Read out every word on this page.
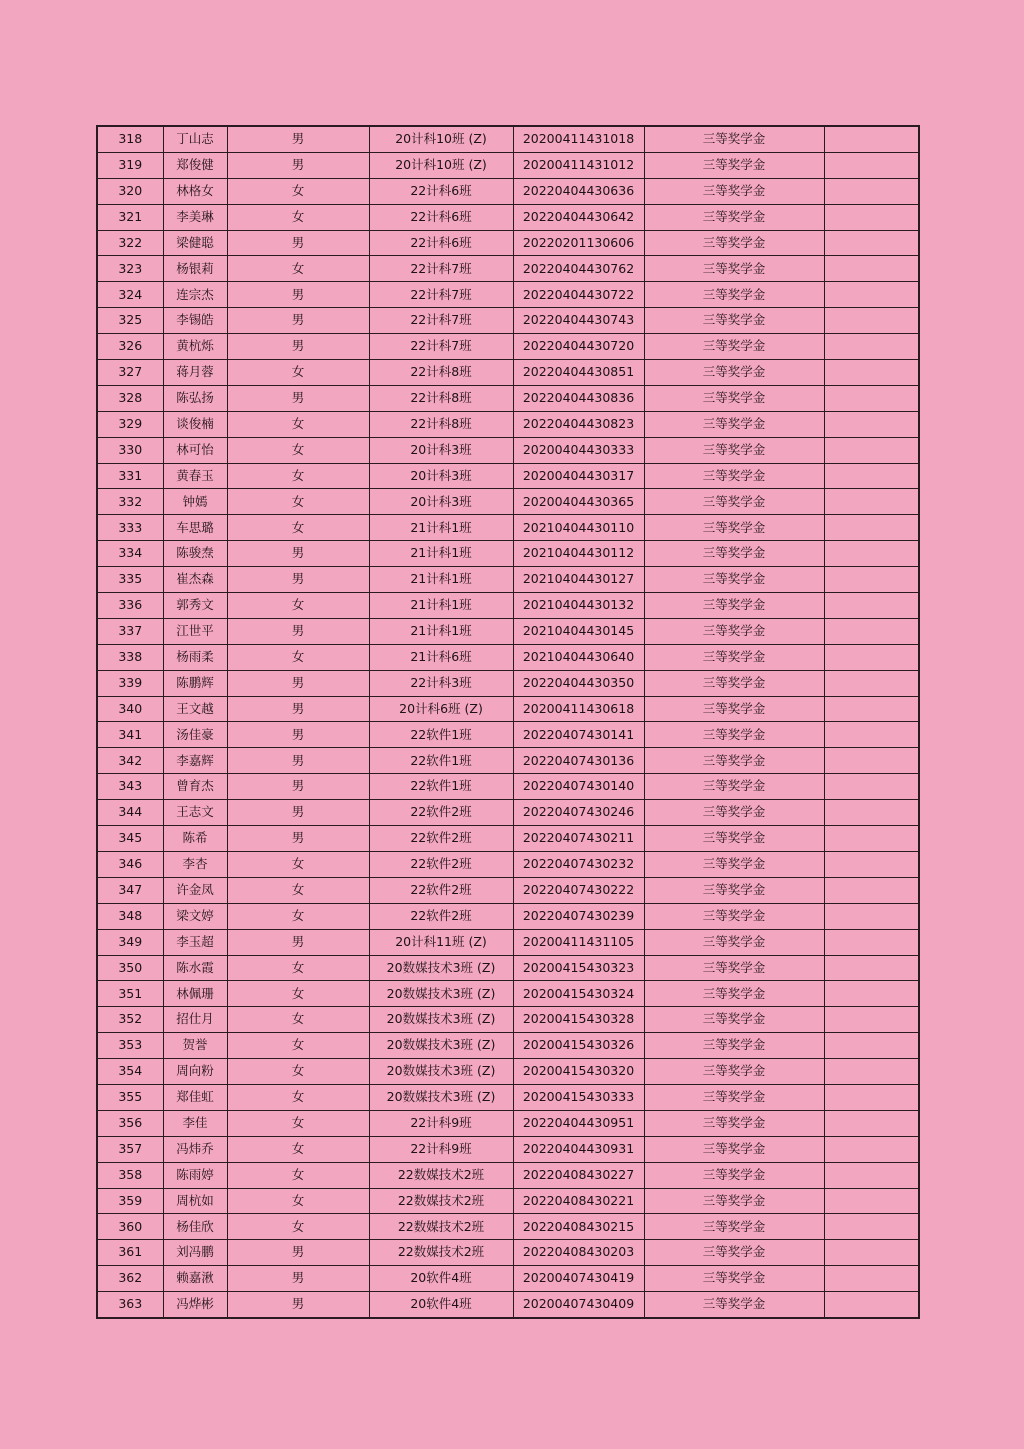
318	丁山志	男	20计科10班 (Z)	20200411431018	三等奖学金	
319	郑俊健	男	20计科10班 (Z)	20200411431012	三等奖学金	
320	林格女	女	22计科6班	20220404430636	三等奖学金	
321	李美琳	女	22计科6班	20220404430642	三等奖学金	
322	梁健聪	男	22计科6班	20220201130606	三等奖学金	
323	杨银莉	女	22计科7班	20220404430762	三等奖学金	
324	连宗杰	男	22计科7班	20220404430722	三等奖学金	
325	李锡皓	男	22计科7班	20220404430743	三等奖学金	
326	黄杭烁	男	22计科7班	20220404430720	三等奖学金	
327	蒋月蓉	女	22计科8班	20220404430851	三等奖学金	
328	陈弘扬	男	22计科8班	20220404430836	三等奖学金	
329	谈俊楠	女	22计科8班	20220404430823	三等奖学金	
330	林可怡	女	20计科3班	20200404430333	三等奖学金	
331	黄春玉	女	20计科3班	20200404430317	三等奖学金	
332	钟嫣	女	20计科3班	20200404430365	三等奖学金	
333	车思璐	女	21计科1班	20210404430110	三等奖学金	
334	陈骏焘	男	21计科1班	20210404430112	三等奖学金	
335	崔杰森	男	21计科1班	20210404430127	三等奖学金	
336	郭秀文	女	21计科1班	20210404430132	三等奖学金	
337	江世平	男	21计科1班	20210404430145	三等奖学金	
338	杨雨柔	女	21计科6班	20210404430640	三等奖学金	
339	陈鹏辉	男	22计科3班	20220404430350	三等奖学金	
340	王文越	男	20计科6班 (Z)	20200411430618	三等奖学金	
341	汤佳豪	男	22软件1班	20220407430141	三等奖学金	
342	李嘉辉	男	22软件1班	20220407430136	三等奖学金	
343	曾育杰	男	22软件1班	20220407430140	三等奖学金	
344	王志文	男	22软件2班	20220407430246	三等奖学金	
345	陈希	男	22软件2班	20220407430211	三等奖学金	
346	李杏	女	22软件2班	20220407430232	三等奖学金	
347	许金凤	女	22软件2班	20220407430222	三等奖学金	
348	梁文婷	女	22软件2班	20220407430239	三等奖学金	
349	李玉超	男	20计科11班 (Z)	20200411431105	三等奖学金	
350	陈水霞	女	20数媒技术3班 (Z)	20200415430323	三等奖学金	
351	林佩珊	女	20数媒技术3班 (Z)	20200415430324	三等奖学金	
352	招仕月	女	20数媒技术3班 (Z)	20200415430328	三等奖学金	
353	贺誉	女	20数媒技术3班 (Z)	20200415430326	三等奖学金	
354	周向粉	女	20数媒技术3班 (Z)	20200415430320	三等奖学金	
355	郑佳虹	女	20数媒技术3班 (Z)	20200415430333	三等奖学金	
356	李佳	女	22计科9班	20220404430951	三等奖学金	
357	冯炜乔	女	22计科9班	20220404430931	三等奖学金	
358	陈雨婷	女	22数媒技术2班	20220408430227	三等奖学金	
359	周杭如	女	22数媒技术2班	20220408430221	三等奖学金	
360	杨佳欣	女	22数媒技术2班	20220408430215	三等奖学金	
361	刘冯鹏	男	22数媒技术2班	20220408430203	三等奖学金	
362	赖嘉湫	男	20软件4班	20200407430419	三等奖学金	
363	冯烨彬	男	20软件4班	20200407430409	三等奖学金	
